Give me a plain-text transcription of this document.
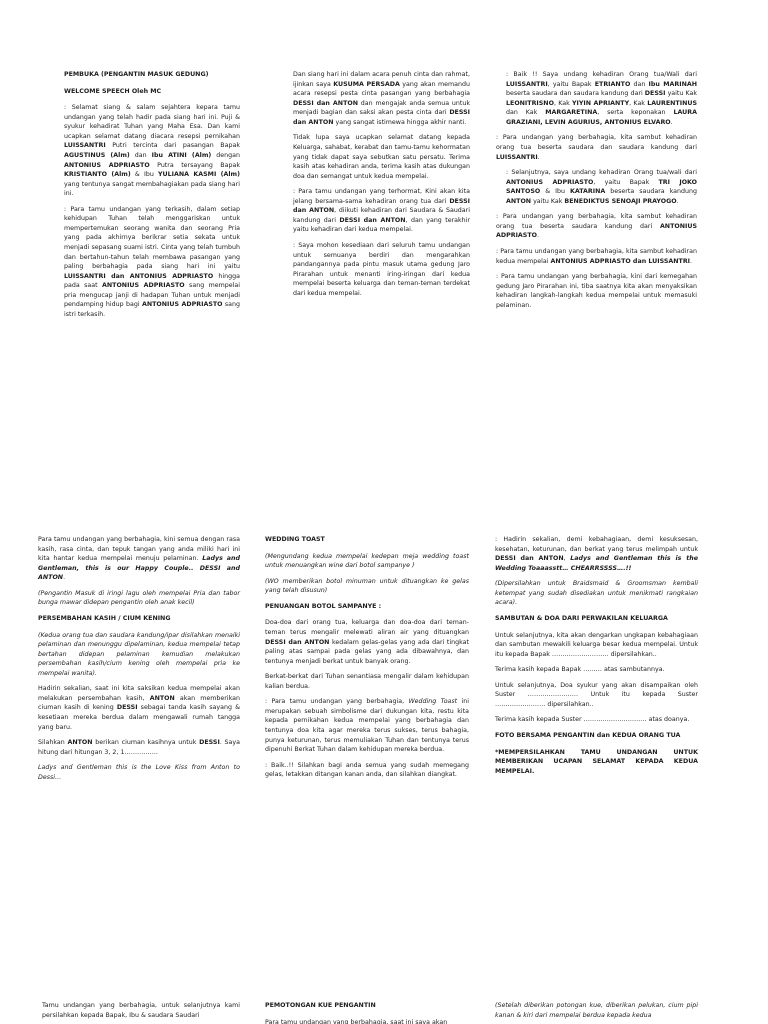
PEMBUKA (PENGANTIN MASUK GEDUNG)

WELCOME SPEECH Oleh MC

: Selamat siang & salam sejahtera kepara tamu undangan yang telah hadir pada siang hari ini. Puji & syukur kehadirat Tuhan yang Maha Esa. Dan kami ucapkan selamat datang diacara resepsi pernikahan LUISSANTRI Putri tercinta dari pasangan Bapak AGUSTINUS (Alm) dan Ibu ATINI (Alm) dengan ANTONIUS ADPRIASTO Putra tersayang Bapak KRISTIANTO (Alm) & Ibu YULIANA KASMI (Alm) yang tentunya sangat membahagiakan pada siang hari ini.

: Para tamu undangan yang terkasih, dalam setiap kehidupan Tuhan telah menggariskan untuk mempertemukan seorang wanita dan seorang Pria yang pada akhirnya berikrar setia sekata untuk menjadi sepasang suami istri. Cinta yang telah tumbuh dan bertahun-tahun telah membawa pasangan yang paling berbahagia pada siang hari ini yaitu LUISSANTRI dan ANTONIUS ADPRIASTO hingga pada saat ANTONIUS ADPRIASTO sang mempelai pria mengucap janji di hadapan Tuhan untuk menjadi pendamping hidup bagi ANTONIUS ADPRIASTO sang istri terkasih.

Dan siang hari ini dalam acara penuh cinta dan rahmat, ijinkan saya KUSUMA PERSADA yang akan memandu acara resepsi pesta cinta pasangan yang berbahagia DESSI dan ANTON dan mengajak anda semua untuk menjadi bagian dan saksi akan pesta cinta dari DESSI dan ANTON yang sangat istimewa hingga akhir nanti.

Tidak lupa saya ucapkan selamat datang kepada Keluarga, sahabat, kerabat dan tamu-tamu kehormatan yang tidak dapat saya sebutkan satu persatu. Terima kasih atas kehadiran anda, terima kasih atas dukungan doa dan semangat untuk kedua mempelai.

: Para tamu undangan yang terhormat, Kini akan kita jelang bersama-sama kehadiran orang tua dari DESSI dan ANTON, diikuti kehadiran dari Saudara & Saudari kandung dari DESSI dan ANTON, dan yang terakhir yaitu kehadiran dari kedua mempelai.

: Saya mohon kesediaan dari seluruh tamu undangan untuk semuanya berdiri dan mengarahkan pandangannya pada pintu masuk utama gedung Jaro Pirarahan untuk menanti iring-iringan dari kedua mempelai beserta keluarga dan teman-teman terdekat dari kedua mempelai.

: Baik !! Saya undang kehadiran Orang tua/Wali dari LUISSANTRI, yaitu Bapak ETRIANTO dan Ibu MARINAH beserta saudara dan saudara kandung dari DESSI yaitu Kak LEONITRISNO, Kak YIYIN APRIANTY, Kak LAURENTINUS dan Kak MARGARETINA, serta keponakan LAURA GRAZIANI, LEVIN AGURIUS, ANTONIUS ELVARO.

: Para undangan yang berbahagia, kita sambut kehadiran orang tua beserta saudara dan saudara kandung dari LUISSANTRI.

: Selanjutnya, saya undang kehadiran Orang tua/wali dari ANTONIUS ADPRIASTO, yaitu Bapak TRI JOKO SANTOSO & Ibu KATARINA beserta saudara kandung ANTON yaitu Kak BENEDIKTUS SENOAJI PRAYOGO.

: Para undangan yang berbahagia, kita sambut kehadiran orang tua beserta saudara kandung dari ANTONIUS ADPRIASTO.

: Para tamu undangan yang berbahagia, kita sambut kehadiran kedua mempelai ANTONIUS ADPRIASTO dan LUISSANTRI.

: Para tamu undangan yang berbahagia, kini dari kemegahan gedung Jaro Pirarahan ini, tiba saatnya kita akan menyaksikan kehadiran langkah-langkah kedua mempelai untuk memasuki pelaminan.

Para tamu undangan yang berbahagia, kini semua dengan rasa kasih, rasa cinta, dan tepuk tangan yang anda miliki hari ini kita hantar kedua mempelai menuju pelaminan. Ladys and Gentleman, this is our Happy Couple.. DESSI and ANTON.

(Pengantin Masuk di iringi lagu oleh mempelai Pria dan tabor bunga mawar didepan pengantin oleh anak kecil)

PERSEMBAHAN KASIH / CIUM KENING

(Kedua orang tua dan saudara kandung/ipar disilahkan menaiki pelaminan dan menunggu dipelaminan, kedua mempelai tetap bertahan didepan pelaminan kemudian melakukan persembahan kasih/cium kening oleh mempelai pria ke mempelai wanita).

Hadirin sekalian, saat ini kita saksikan kedua mempelai akan melakukan persembahan kasih, ANTON akan memberikan ciuman kasih di kening DESSI sebagai tanda kasih sayang & kesetiaan mereka berdua dalam mengawali rumah tangga yang baru.

Silahkan ANTON berikan ciuman kasihnya untuk DESSI. Saya hitung dari hitungan 3, 2, 1…………….

Ladys and Gentleman this is the Love Kiss from Anton to Dessi…

WEDDING TOAST

(Mengundang kedua mempelai kedepan meja wedding toast untuk menuangkan wine dari botol sampanye )

(WO memberikan botol minuman untuk dituangkan ke gelas yang telah disusun)

PENUANGAN BOTOL SAMPANYE :

Doa-doa dari orang tua, keluarga dan doa-doa dari teman-teman terus mengalir melewati aliran air yang dituangkan DESSI dan ANTON kedalam gelas-gelas yang ada dari tingkat paling atas sampai pada gelas yang ada dibawahnya, dan tentunya menjadi berkat untuk banyak orang.

Berkat-berkat dari Tuhan senantiasa mengalir dalam kehidupan kalian berdua.

: Para tamu undangan yang berbahagia, Wedding Toast ini merupakan sebuah simbolisme dari dukungan kita, restu kita kepada pernikahan kedua mempelai yang berbahagia dan tentunya doa kita agar mereka terus sukses, terus bahagia, punya keturunan, terus memuliakan Tuhan dan tentunya terus dipenuhi Berkat Tuhan dalam kehidupan mereka berdua.

: Baik..!! Silahkan bagi anda semua yang sudah memegang gelas, letakkan ditangan kanan anda, dan silahkan diangkat.

: Hadirin sekalian, demi kebahagiaan, demi kesuksesan, kesehatan, keturunan, dan berkat yang terus melimpah untuk DESSI dan ANTON, Ladys and Gentleman this is the Wedding Toaaasstt… CHEARRSSSS….!!

(Dipersilahkan untuk Braidsmaid & Groomsman kembali ketempat yang sudah disediakan untuk menikmati rangkaian acara).

SAMBUTAN & DOA DARI PERWAKILAN KELUARGA

Untuk selanjutnya, kita akan dengarkan ungkapan kebahagiaan dan sambutan mewakili keluarga besar kedua mempelai. Untuk itu kepada Bapak ……………………… dipersilahkan..

Terima kasih kepada Bapak ……… atas sambutannya.

Untuk selanjutnya, Doa syukur yang akan disampaikan oleh Suster …………………… Untuk itu kepada Suster …………………… dipersilahkan..

Terima kasih kepada Suster ………………………… atas doanya.

FOTO BERSAMA PENGANTIN dan KEDUA ORANG TUA

*MEMPERSILAHKAN TAMU UNDANGAN UNTUK MEMBERIKAN UCAPAN SELAMAT KEPADA KEDUA MEMPELAI.

Tamu undangan yang berbahagia, untuk selanjutnya kami persilahkan kepada Bapak, Ibu & saudara Saudari

PEMOTONGAN KUE PENGANTIN

Para tamu undangan yang berbahagia, saat ini saya akan

(Setelah diberikan potongan kue, diberikan pelukan, cium pipi kanan & kiri dari mempelai berdua kepada kedua
